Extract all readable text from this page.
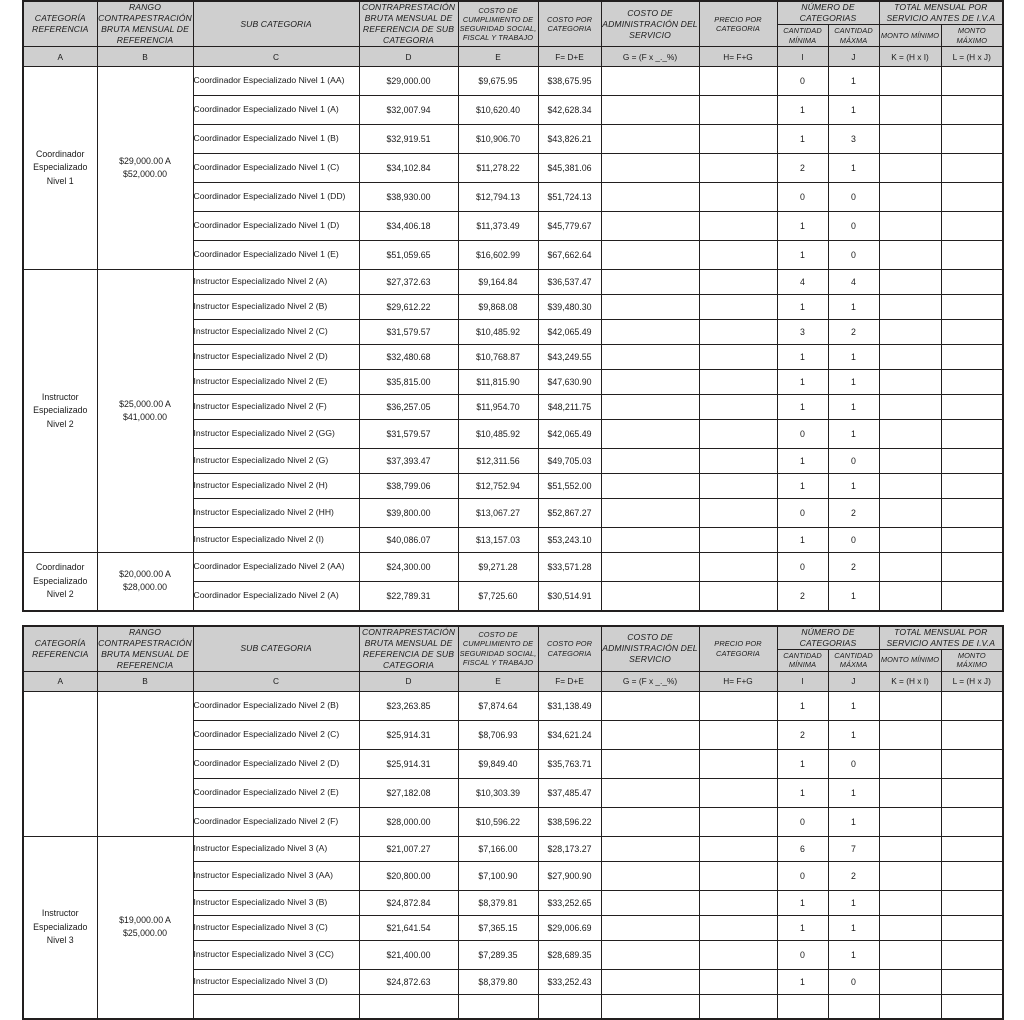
CATEGORÍA REFERENCIA	RANGO CONTRAPESTRACIÓN BRUTA MENSUAL DE REFERENCIA	SUB CATEGORIA	CONTRAPRESTACIÓN BRUTA MENSUAL DE REFERENCIA DE SUB CATEGORIA	COSTO DE CUMPLIMIENTO DE SEGURIDAD SOCIAL, FISCAL Y TRABAJO	COSTO POR CATEGORIA	COSTO DE ADMINISTRACIÓN DEL SERVICIO	PRECIO POR CATEGORIA	NÚMERO DE CATEGORIAS		TOTAL MENSUAL POR SERVICIO ANTES DE I.V.A	
								CANTIDAD MÍNIMA	CANTIDAD MÁXMA	MONTO MÍNIMO	MONTO MÁXIMO
A	B	C	D	E	F= D+E	G = (F x _._%)	H= F+G	I	J	K = (H x I)	L = (H x J)
Coordinador Especializado Nivel 1	$29,000.00 A $52,000.00	Coordinador Especializado Nivel 1 (AA)	$29,000.00	$9,675.95	$38,675.95			0	1		
		Coordinador Especializado Nivel 1 (A)	$32,007.94	$10,620.40	$42,628.34			1	1		
		Coordinador Especializado Nivel 1 (B)	$32,919.51	$10,906.70	$43,826.21			1	3		
		Coordinador Especializado Nivel 1 (C)	$34,102.84	$11,278.22	$45,381.06			2	1		
		Coordinador Especializado Nivel 1 (DD)	$38,930.00	$12,794.13	$51,724.13			0	0		
		Coordinador Especializado Nivel 1 (D)	$34,406.18	$11,373.49	$45,779.67			1	0		
		Coordinador Especializado Nivel 1 (E)	$51,059.65	$16,602.99	$67,662.64			1	0		
Instructor Especializado Nivel 2	$25,000.00 A $41,000.00	Instructor Especializado Nivel 2 (A)	$27,372.63	$9,164.84	$36,537.47			4	4		
		Instructor Especializado Nivel 2 (B)	$29,612.22	$9,868.08	$39,480.30			1	1		
		Instructor Especializado Nivel 2 (C)	$31,579.57	$10,485.92	$42,065.49			3	2		
		Instructor Especializado Nivel 2 (D)	$32,480.68	$10,768.87	$43,249.55			1	1		
		Instructor Especializado Nivel 2 (E)	$35,815.00	$11,815.90	$47,630.90			1	1		
		Instructor Especializado Nivel 2 (F)	$36,257.05	$11,954.70	$48,211.75			1	1		
		Instructor Especializado Nivel 2 (GG)	$31,579.57	$10,485.92	$42,065.49			0	1		
		Instructor Especializado Nivel 2 (G)	$37,393.47	$12,311.56	$49,705.03			1	0		
		Instructor Especializado Nivel 2 (H)	$38,799.06	$12,752.94	$51,552.00			1	1		
		Instructor Especializado Nivel 2 (HH)	$39,800.00	$13,067.27	$52,867.27			0	2		
		Instructor Especializado Nivel 2 (I)	$40,086.07	$13,157.03	$53,243.10			1	0		
Coordinador Especializado Nivel 2	$20,000.00 A $28,000.00	Coordinador Especializado Nivel 2 (AA)	$24,300.00	$9,271.28	$33,571.28			0	2		
		Coordinador Especializado Nivel 2 (A)	$22,789.31	$7,725.60	$30,514.91			2	1		
CATEGORÍA REFERENCIA	RANGO CONTRAPESTRACIÓN BRUTA MENSUAL DE REFERENCIA	SUB CATEGORIA	CONTRAPRESTACIÓN BRUTA MENSUAL DE REFERENCIA DE SUB CATEGORIA	COSTO DE CUMPLIMIENTO DE SEGURIDAD SOCIAL, FISCAL Y TRABAJO	COSTO POR CATEGORIA	COSTO DE ADMINISTRACIÓN DEL SERVICIO	PRECIO POR CATEGORIA	NÚMERO DE CATEGORIAS		TOTAL MENSUAL POR SERVICIO ANTES DE I.V.A	
								CANTIDAD MÍNIMA	CANTIDAD MÁXMA	MONTO MÍNIMO	MONTO MÁXIMO
A	B	C	D	E	F= D+E	G = (F x _._%)	H= F+G	I	J	K = (H x I)	L = (H x J)
		Coordinador Especializado Nivel 2 (B)	$23,263.85	$7,874.64	$31,138.49			1	1		
		Coordinador Especializado Nivel 2 (C)	$25,914.31	$8,706.93	$34,621.24			2	1		
		Coordinador Especializado Nivel 2 (D)	$25,914.31	$9,849.40	$35,763.71			1	0		
		Coordinador Especializado Nivel 2 (E)	$27,182.08	$10,303.39	$37,485.47			1	1		
		Coordinador Especializado Nivel 2 (F)	$28,000.00	$10,596.22	$38,596.22			0	1		
Instructor Especializado Nivel 3	$19,000.00 A $25,000.00	Instructor Especializado Nivel 3 (A)	$21,007.27	$7,166.00	$28,173.27			6	7		
		Instructor Especializado Nivel 3 (AA)	$20,800.00	$7,100.90	$27,900.90			0	2		
		Instructor Especializado Nivel 3 (B)	$24,872.84	$8,379.81	$33,252.65			1	1		
		Instructor Especializado Nivel 3 (C)	$21,641.54	$7,365.15	$29,006.69			1	1		
		Instructor Especializado Nivel 3 (CC)	$21,400.00	$7,289.35	$28,689.35			0	1		
		Instructor Especializado Nivel 3 (D)	$24,872.63	$8,379.80	$33,252.43			1	0		
